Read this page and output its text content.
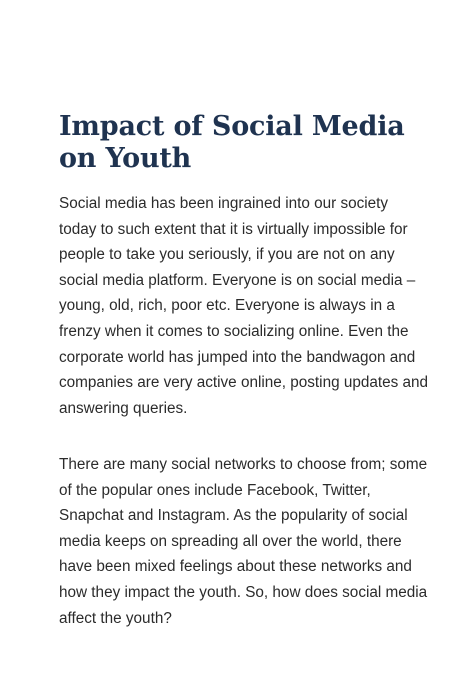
Impact of Social Media on Youth

Social media has been ingrained into our society today to such extent that it is virtually impossible for people to take you seriously, if you are not on any social media platform. Everyone is on social media – young, old, rich, poor etc. Everyone is always in a frenzy when it comes to socializing online. Even the corporate world has jumped into the bandwagon and companies are very active online, posting updates and answering queries.

There are many social networks to choose from; some of the popular ones include Facebook, Twitter, Snapchat and Instagram. As the popularity of social media keeps on spreading all over the world, there have been mixed feelings about these networks and how they impact the youth. So, how does social media affect the youth?
